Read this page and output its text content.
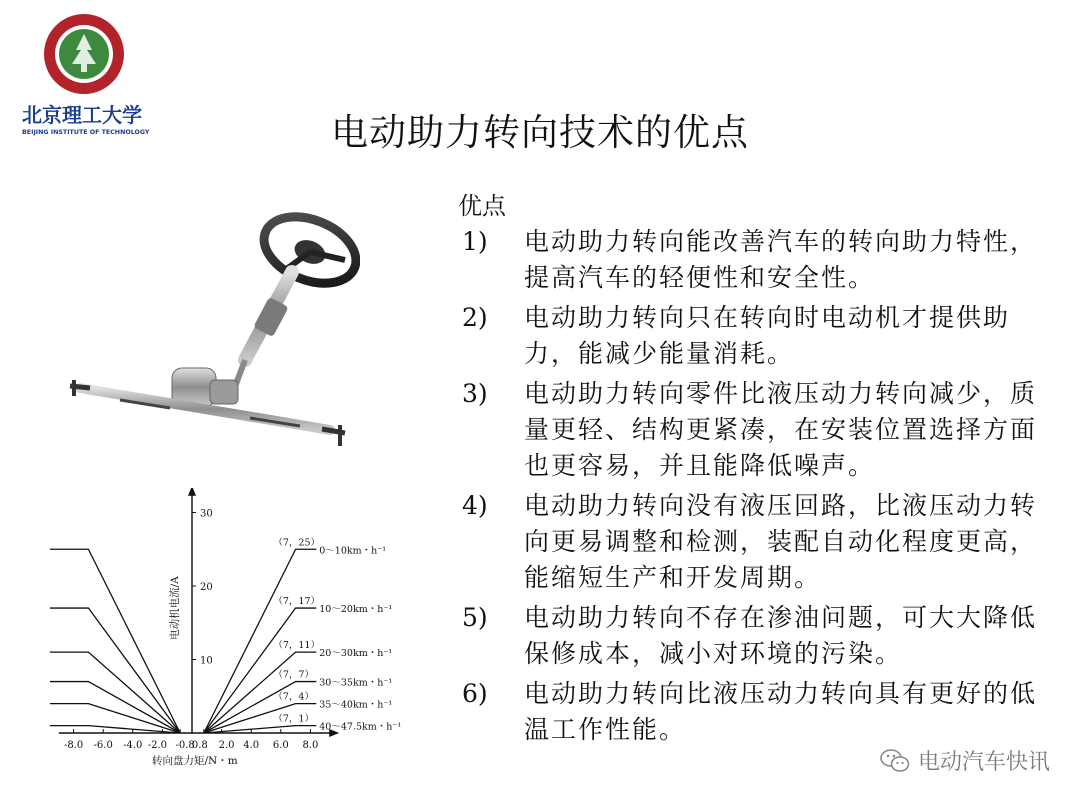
北京理工大学
BEIJING INSTITUTE OF TECHNOLOGY	电动助力转向技术的优点
优点
1)	电动助力转向能改善汽车的转向助力特性，提高汽车的轻便性和安全性。
2)	电动助力转向只在转向时电动机才提供助力，能减少能量消耗。
3)	电动助力转向零件比液压动力转向减少，质量更轻、结构更紧凑，在安装位置选择方面也更容易，并且能降低噪声。
4)	电动助力转向没有液压回路，比液压动力转向更易调整和检测，装配自动化程度更高，能缩短生产和开发周期。
5)	电动助力转向不存在渗油问题，可大大降低保修成本，减小对环境的污染。
6)	电动助力转向比液压动力转向具有更好的低温工作性能。
-8.0 -6.0 -4.0 -2.0 -0.8
0.8 2.0 4.0 6.0 8.0
10
20
30
转向盘力矩/N・m
电动机电流/A
（7，25）
0～10km・h⁻¹
（7，17）
10～20km・h⁻¹
（7，11）
20～30km・h⁻¹
（7，7）
30～35km・h⁻¹
（7，4）
35～40km・h⁻¹
（7，1）
40～47.5km・h⁻¹
电动汽车快讯
